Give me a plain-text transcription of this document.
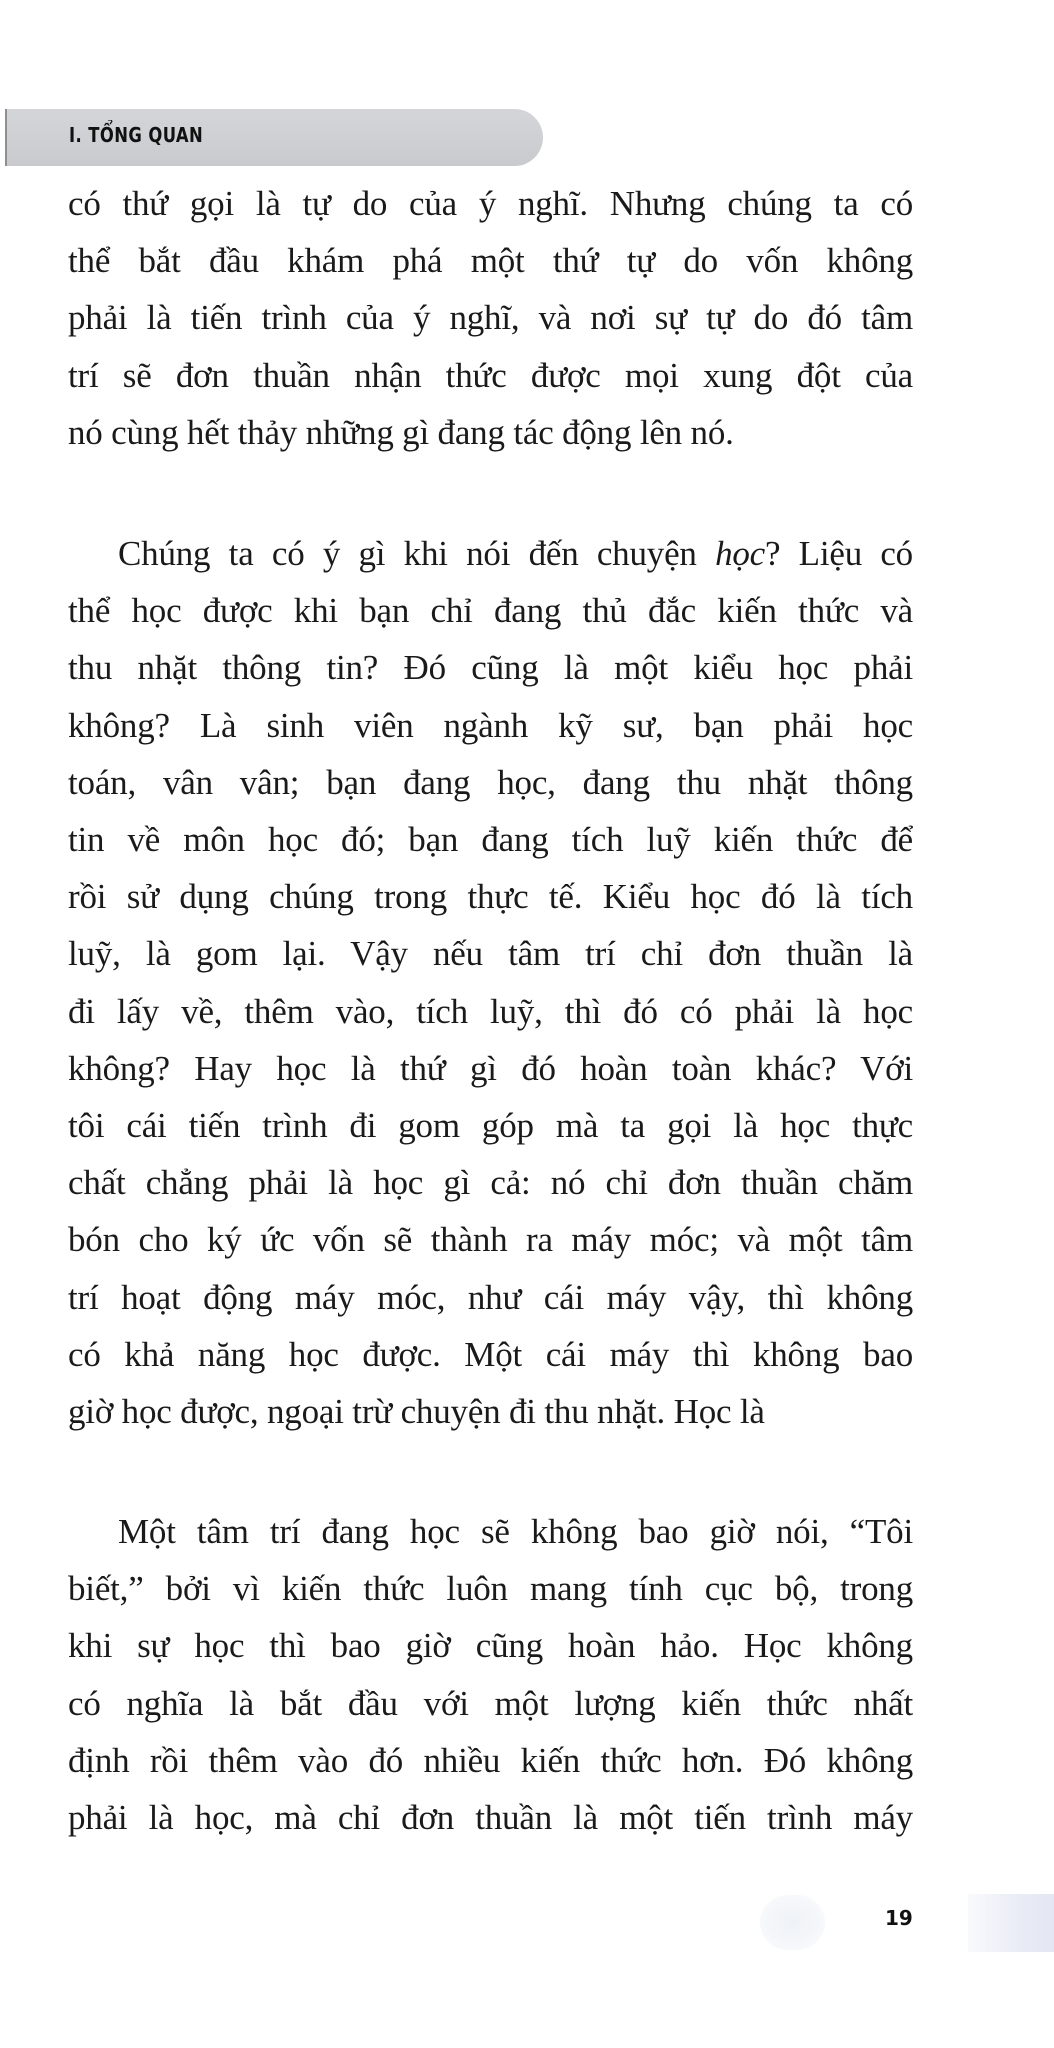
I. TỔNG QUAN
có thứ gọi là tự do của ý nghĩ. Nhưng chúng ta có
thể bắt đầu khám phá một thứ tự do vốn không
phải là tiến trình của ý nghĩ, và nơi sự tự do đó tâm
trí sẽ đơn thuần nhận thức được mọi xung đột của
nó cùng hết thảy những gì đang tác động lên nó.
Chúng ta có ý gì khi nói đến chuyện học? Liệu có
thể học được khi bạn chỉ đang thủ đắc kiến thức và
thu nhặt thông tin? Đó cũng là một kiểu học phải
không? Là sinh viên ngành kỹ sư, bạn phải học
toán, vân vân; bạn đang học, đang thu nhặt thông
tin về môn học đó; bạn đang tích luỹ kiến thức để
rồi sử dụng chúng trong thực tế. Kiểu học đó là tích
luỹ, là gom lại. Vậy nếu tâm trí chỉ đơn thuần là
đi lấy về, thêm vào, tích luỹ, thì đó có phải là học
không? Hay học là thứ gì đó hoàn toàn khác? Với
tôi cái tiến trình đi gom góp mà ta gọi là học thực
chất chẳng phải là học gì cả: nó chỉ đơn thuần chăm
bón cho ký ức vốn sẽ thành ra máy móc; và một tâm
trí hoạt động máy móc, như cái máy vậy, thì không
có khả năng học được. Một cái máy thì không bao
giờ học được, ngoại trừ chuyện đi thu nhặt. Học là
Một tâm trí đang học sẽ không bao giờ nói, “Tôi
biết,” bởi vì kiến thức luôn mang tính cục bộ, trong
khi sự học thì bao giờ cũng hoàn hảo. Học không
có nghĩa là bắt đầu với một lượng kiến thức nhất
định rồi thêm vào đó nhiều kiến thức hơn. Đó không
phải là học, mà chỉ đơn thuần là một tiến trình máy
19
